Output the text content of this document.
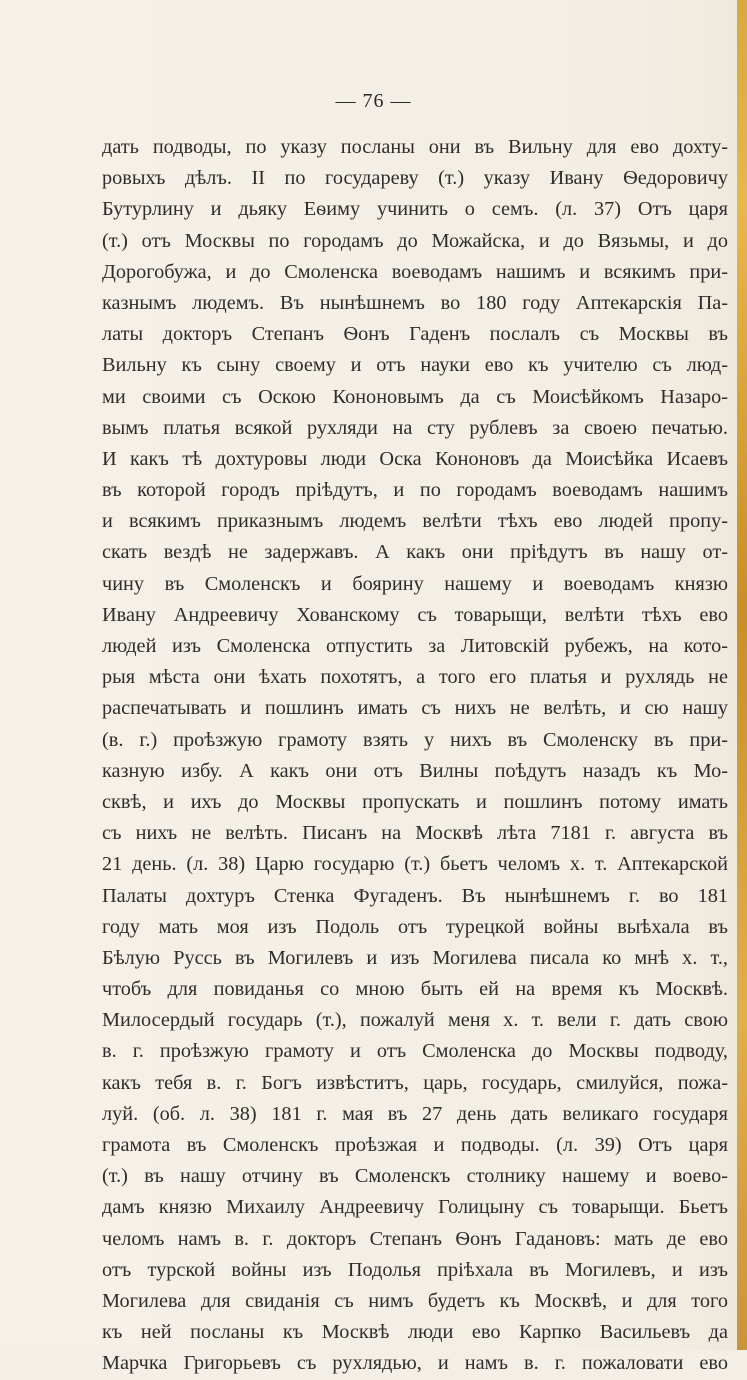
— 76 —
дать подводы, по указу посланы они въ Вильну для ево дохту-
ровыхъ дѣлъ. II по государеву (т.) указу Ивану Ѳедоровичу
Бутурлину и дьяку Еѳиму учинить о семъ. (л. 37) Отъ царя
(т.) отъ Москвы по городамъ до Можайска, и до Вязьмы, и до
Дорогобужа, и до Смоленска воеводамъ нашимъ и всякимъ при-
казнымъ людемъ. Въ нынѣшнемъ во 180 году Аптекарскія Па-
латы докторъ Степанъ Ѳонъ Гаденъ послалъ съ Москвы въ
Вильну къ сыну своему и отъ науки ево къ учителю съ люд-
ми своими съ Оскою Кононовымъ да съ Моисѣйкомъ Назаро-
вымъ платья всякой рухляди на сту рублевъ за своею печатью.
И какъ тѣ дохтуровы люди Оска Кононовъ да Моисѣйка Исаевъ
въ которой городъ пріѣдутъ, и по городамъ воеводамъ нашимъ
и всякимъ приказнымъ людемъ велѣти тѣхъ ево людей пропу-
скать вездѣ не задержавъ. А какъ они пріѣдутъ въ нашу от-
чину въ Смоленскъ и боярину нашему и воеводамъ князю
Ивану Андреевичу Хованскому съ товарыщи, велѣти тѣхъ ево
людей изъ Смоленска отпустить за Литовскій рубежъ, на кото-
рыя мѣста они ѣхать похотятъ, а того его платья и рухлядь не
распечатывать и пошлинъ имать съ нихъ не велѣть, и сю нашу
(в. г.) проѣзжую грамоту взять у нихъ въ Смоленску въ при-
казную избу. А какъ они отъ Вилны поѣдутъ назадъ къ Мо-
сквѣ, и ихъ до Москвы пропускать и пошлинъ потому имать
съ нихъ не велѣть. Писанъ на Москвѣ лѣта 7181 г. августа въ
21 день. (л. 38) Царю государю (т.) бьетъ челомъ х. т. Аптекарской
Палаты дохтуръ Стенка Фугаденъ. Въ нынѣшнемъ г. во 181
году мать моя изъ Подоль отъ турецкой войны выѣхала въ
Бѣлую Руссь въ Могилевъ и изъ Могилева писала ко мнѣ х. т.,
чтобъ для повиданья со мною быть ей на время къ Москвѣ.
Милосердый государь (т.), пожалуй меня х. т. вели г. дать свою
в. г. проѣзжую грамоту и отъ Смоленска до Москвы подводу,
какъ тебя в. г. Богъ извѣститъ, царь, государь, смилуйся, пожа-
луй. (об. л. 38) 181 г. мая въ 27 день дать великаго государя
грамота въ Смоленскъ проѣзжая и подводы. (л. 39) Отъ царя
(т.) въ нашу отчину въ Смоленскъ столнику нашему и воево-
дамъ князю Михаилу Андреевичу Голицыну съ товарыщи. Бьетъ
челомъ намъ в. г. докторъ Степанъ Ѳонъ Гадановъ: мать де ево
отъ турской войны изъ Подолья пріѣхала въ Могилевъ, и изъ
Могилева для свиданія съ нимъ будетъ къ Москвѣ, и для того
къ ней посланы къ Москвѣ люди ево Карпко Васильевъ да
Марчка Григорьевъ съ рухлядью, и намъ в. г. пожаловати ево
